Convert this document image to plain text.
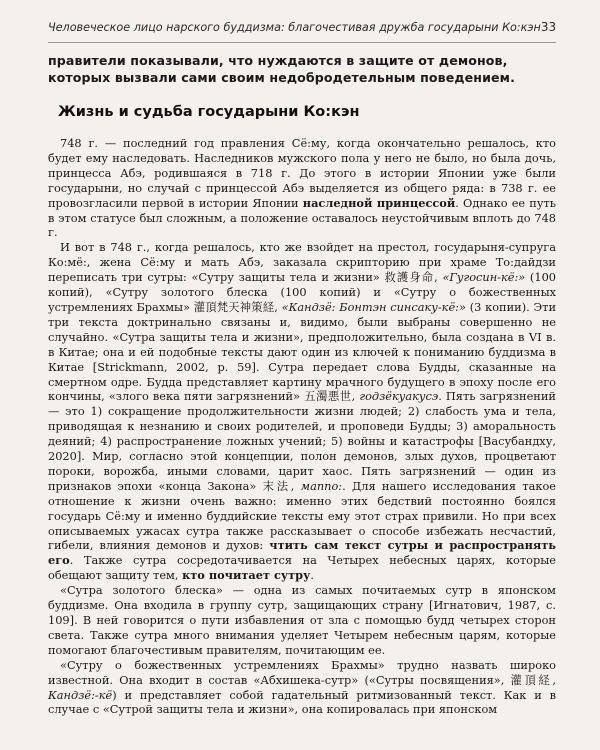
Человеческое лицо нарского буддизма: благочестивая дружба государыни Ко:кэн 33

правители показывали, что нуждаются в защите от демонов, которых вызвали сами своим недобродетельным поведением.

Жизнь и судьба государыни Ко:кэн

748 г. — последний год правления Сё:му, когда окончательно решалось, кто будет ему наследовать. Наследников мужского пола у него не было, но была дочь, принцесса Абэ, родившаяся в 718 г. До этого в истории Японии уже были государыни, но случай с принцессой Абэ выделяется из общего ряда: в 738 г. ее провозгласили первой в истории Японии наследной принцессой. Однако ее путь в этом статусе был сложным, а положение оставалось неустойчивым вплоть до 748 г.

И вот в 748 г., когда решалось, кто же взойдет на престол, государыня-супруга Ко:мё:, жена Сё:му и мать Абэ, заказала скрипторию при храме То:дайдзи переписать три сутры: «Сутру защиты тела и жизни» 救護身命, «Гугосин-кё:» (100 копий), «Сутру золотого блеска (100 копий) и «Сутру о божественных устремлениях Брахмы» 灌頂梵天神策経, «Кандзё: Бонтэн синсаку-кё:» (3 копии). Эти три текста доктринально связаны и, видимо, были выбраны совершенно не случайно. «Сутра защиты тела и жизни», предположительно, была создана в VI в. в Китае; она и ей подобные тексты дают один из ключей к пониманию буддизма в Китае [Strickmann, 2002, p. 59]. Сутра передает слова Будды, сказанные на смертном одре. Будда представляет картину мрачного будущего в эпоху после его кончины, «злого века пяти загрязнений» 五濁悪世, годзёкуакусэ. Пять загрязнений — это 1) сокращение продолжительности жизни людей; 2) слабость ума и тела, приводящая к незнанию и своих родителей, и проповеди Будды; 3) аморальность деяний; 4) распространение ложных учений; 5) войны и катастрофы [Васубандху, 2020]. Мир, согласно этой концепции, полон демонов, злых духов, процветают пороки, ворожба, иными словами, царит хаос. Пять загрязнений — один из признаков эпохи «конца Закона» 末法, маппо:. Для нашего исследования такое отношение к жизни очень важно: именно этих бедствий постоянно боялся государь Сё:му и именно буддийские тексты ему этот страх привили. Но при всех описываемых ужасах сутра также рассказывает о способе избежать несчастий, гибели, влияния демонов и духов: чтить сам текст сутры и распространять его. Также сутра сосредотачивается на Четырех небесных царях, которые обещают защиту тем, кто почитает сутру.

«Сутра золотого блеска» — одна из самых почитаемых сутр в японском буддизме. Она входила в группу сутр, защищающих страну [Игнатович, 1987, с. 109]. В ней говорится о пути избавления от зла с помощью будд четырех сторон света. Также сутра много внимания уделяет Четырем небесным царям, которые помогают благочестивым правителям, почитающим ее.

«Сутру о божественных устремлениях Брахмы» трудно назвать широко известной. Она входит в состав «Абхишека-сутр» («Сутры посвящения», 灌頂経, Кандзё:-кё) и представляет собой гадательный ритмизованный текст. Как и в случае с «Сутрой защиты тела и жизни», она копировалась при японском
